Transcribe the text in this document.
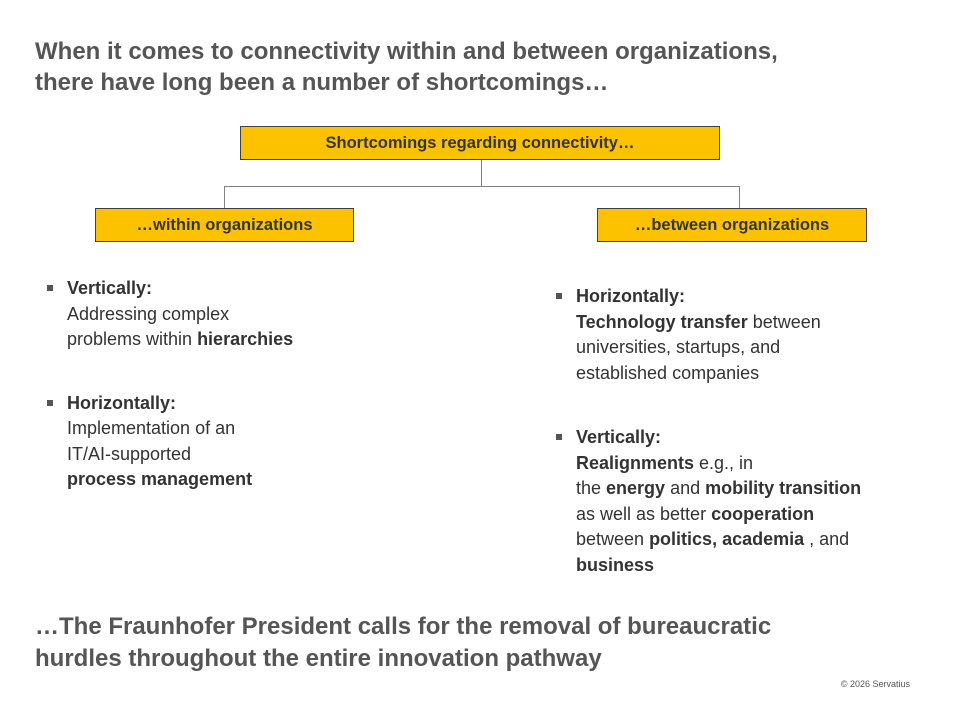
When it comes to connectivity within and between organizations,
there have long been a number of shortcomings…
Shortcomings regarding connectivity…
…within organizations	…between organizations
Vertically:
Addressing complex
problems within hierarchies
Horizontally:
Implementation of an
IT/AI-supported
process management
Horizontally:
Technology transfer between
universities, startups, and
established companies
Vertically:
Realignments e.g., in
the energy and mobility transition
as well as better cooperation
between politics, academia , and
business
…The Fraunhofer President calls for the removal of bureaucratic
hurdles throughout the entire innovation pathway
© 2026 Servatius
